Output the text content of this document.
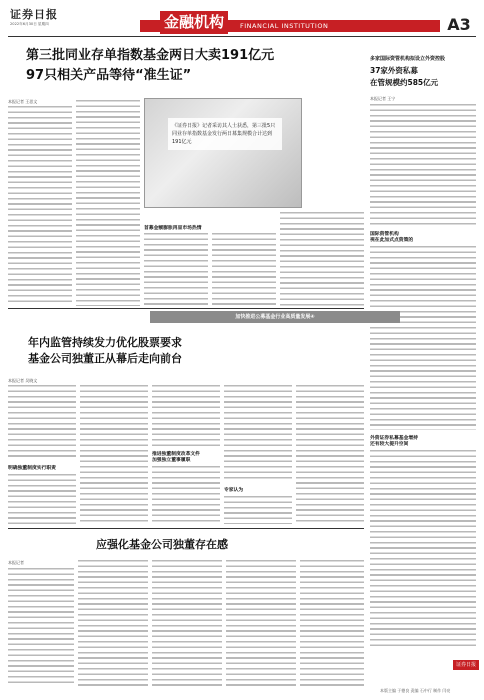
证券日报
2022年6月30日 星期四	金融机构	FINANCIAL INSTITUTION	A3
第三批同业存单指数基金两日大卖191亿元
97只相关产品等待“准生证”
本报记者 王思文
《证券日报》记者采访其人士获悉，第三批5只同业存单指数基金发行两日募集规模合计达到191亿元
首募金额膨胀再显市场热情
多家国际资管机构拟设立外资控股
37家外资私募
在管规模约585亿元
本报记者 王宁
国际资管机构
视在此加式点资策的
外资证券私募基金增持
还有较大提升空间
加快推进公募基金行业高质量发展④
年内监管持续发力优化股票要求
基金公司独董正从幕后走向前台
本报记者 吴晓文
明确独董制度实行职责
推进独董制度改革文件
加强独立董事履职
专家认为
应强化基金公司独董存在感
本报记者
证券日报
本版主编 于德良 责编 石中行 制作 闫亮
